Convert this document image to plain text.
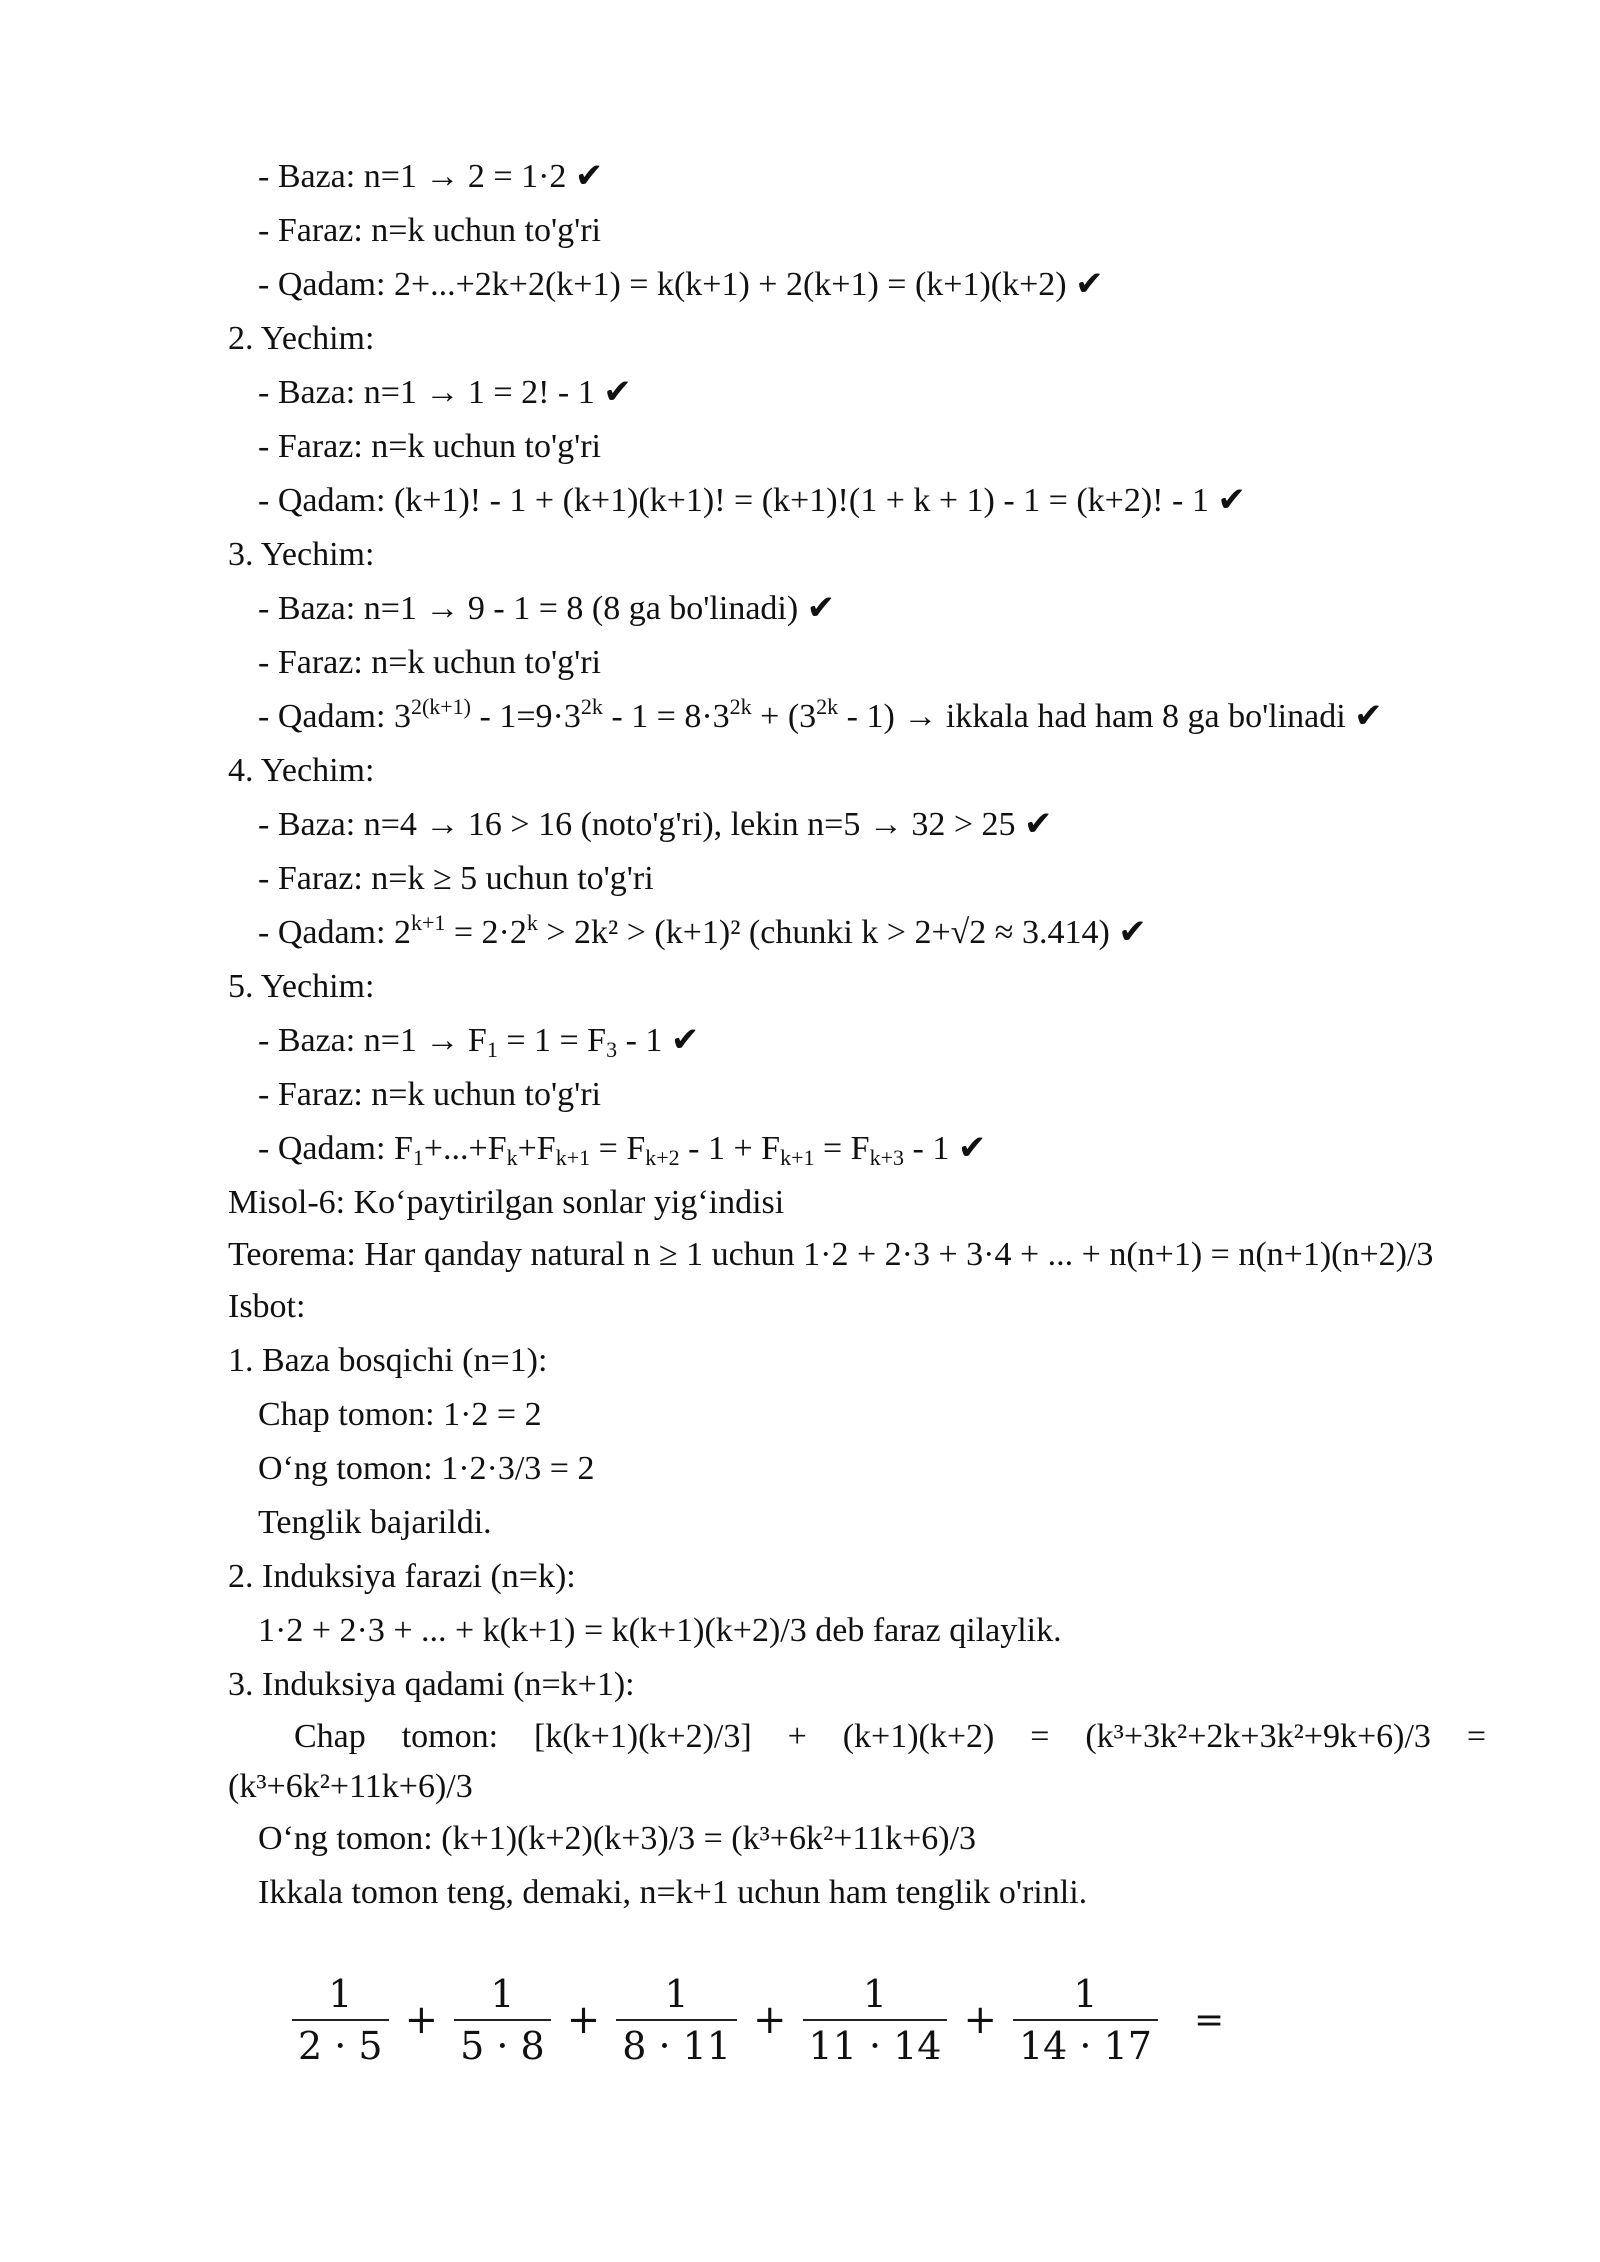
- Baza: n=1 → 2 = 1·2 ✔
- Faraz: n=k uchun to'g'ri
- Qadam: 2+...+2k+2(k+1) = k(k+1) + 2(k+1) = (k+1)(k+2) ✔
2. Yechim:
- Baza: n=1 → 1 = 2! - 1 ✔
- Faraz: n=k uchun to'g'ri
- Qadam: (k+1)! - 1 + (k+1)(k+1)! = (k+1)!(1 + k + 1) - 1 = (k+2)! - 1 ✔
3. Yechim:
- Baza: n=1 → 9 - 1 = 8 (8 ga bo'linadi) ✔
- Faraz: n=k uchun to'g'ri
- Qadam: $3^{2(k+1)} - 1=9\cdot 3^{2k} - 1 = 8\cdot 3^{2k} + (3^{2k} - 1)$ → ikkala had ham 8 ga bo'linadi ✔
4. Yechim:
- Baza: n=4 → 16 > 16 (noto'g'ri), lekin n=5 → 32 > 25 ✔
- Faraz: n=k ≥ 5 uchun to'g'ri
- Qadam: $2^{k+1} = 2\cdot 2^k > 2k^2 > (k+1)^2$ (chunki k > 2+√2 ≈ 3.414) ✔
5. Yechim:
- Baza: $n=1 \to F_1 = 1 = F_3 - 1$ ✔
- Faraz: n=k uchun to'g'ri
- Qadam: $F_1+...+F_k+F_{k+1} = F_{k+2} - 1 + F_{k+1} = F_{k+3} - 1$ ✔
Misol-6: Ko‘paytirilgan sonlar yig‘indisi
Teorema: Har qanday natural n ≥ 1 uchun 1·2 + 2·3 + 3·4 + ... + n(n+1) = n(n+1)(n+2)/3
Isbot:
1. Baza bosqichi (n=1):
Chap tomon: 1·2 = 2
O‘ng tomon: 1·2·3/3 = 2
Tenglik bajarildi.
2. Induksiya farazi (n=k):
1·2 + 2·3 + ... + k(k+1) = k(k+1)(k+2)/3 deb faraz qilaylik.
3. Induksiya qadami (n=k+1):
Chap tomon: [k(k+1)(k+2)/3] + (k+1)(k+2) = (k³+3k²+2k+3k²+9k+6)/3 = (k³+6k²+11k+6)/3
O‘ng tomon: (k+1)(k+2)(k+3)/3 = (k³+6k²+11k+6)/3
Ikkala tomon teng, demaki, n=k+1 uchun ham tenglik o'rinli.
$\frac{1}{2 \cdot 5} + \frac{1}{5 \cdot 8} + \frac{1}{8 \cdot 11} + \frac{1}{11 \cdot 14} + \frac{1}{14 \cdot 17}$ =
